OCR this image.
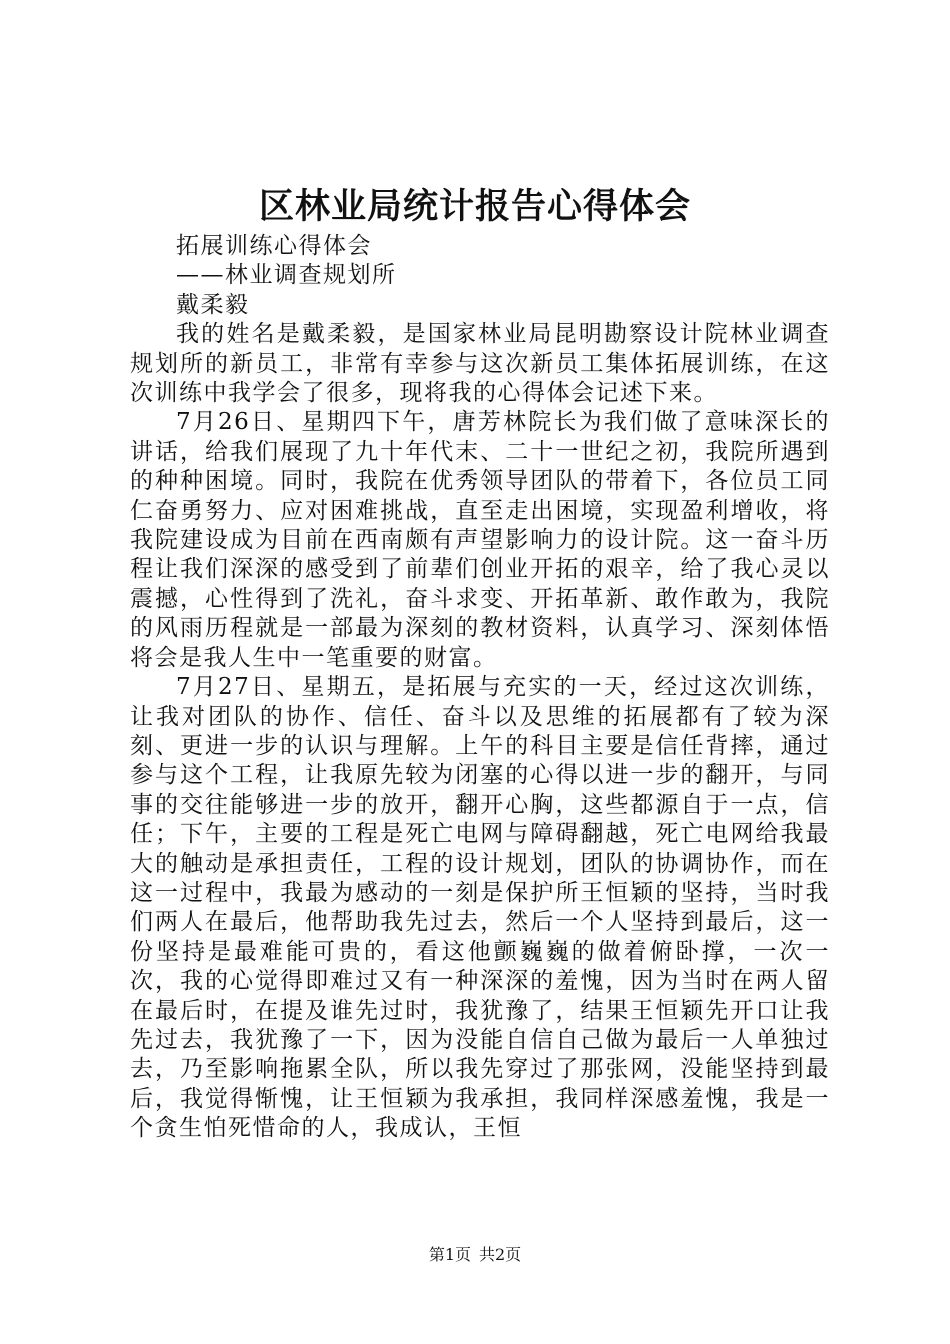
区林业局统计报告心得体会

拓展训练心得体会

——林业调查规划所

戴柔毅

我的姓名是戴柔毅，是国家林业局昆明勘察设计院林业调查规划所的新员工，非常有幸参与这次新员工集体拓展训练，在这次训练中我学会了很多，现将我的心得体会记述下来。

7月26日、星期四下午，唐芳林院长为我们做了意味深长的讲话，给我们展现了九十年代末、二十一世纪之初，我院所遇到的种种困境。同时，我院在优秀领导团队的带着下，各位员工同仁奋勇努力、应对困难挑战，直至走出困境，实现盈利增收，将我院建设成为目前在西南颇有声望影响力的设计院。这一奋斗历程让我们深深的感受到了前辈们创业开拓的艰辛，给了我心灵以震撼，心性得到了洗礼，奋斗求变、开拓革新、敢作敢为，我院的风雨历程就是一部最为深刻的教材资料，认真学习、深刻体悟将会是我人生中一笔重要的财富。

7月27日、星期五，是拓展与充实的一天，经过这次训练，让我对团队的协作、信任、奋斗以及思维的拓展都有了较为深刻、更进一步的认识与理解。上午的科目主要是信任背摔，通过参与这个工程，让我原先较为闭塞的心得以进一步的翻开，与同事的交往能够进一步的放开，翻开心胸，这些都源自于一点，信任；下午，主要的工程是死亡电网与障碍翻越，死亡电网给我最大的触动是承担责任，工程的设计规划，团队的协调协作，而在这一过程中，我最为感动的一刻是保护所王恒颖的坚持，当时我们两人在最后，他帮助我先过去，然后一个人坚持到最后，这一份坚持是最难能可贵的，看这他颤巍巍的做着俯卧撑，一次一次，我的心觉得即难过又有一种深深的羞愧，因为当时在两人留在最后时，在提及谁先过时，我犹豫了，结果王恒颖先开口让我先过去，我犹豫了一下，因为没能自信自己做为最后一人单独过去，乃至影响拖累全队，所以我先穿过了那张网，没能坚持到最后，我觉得惭愧，让王恒颖为我承担，我同样深感羞愧，我是一个贪生怕死惜命的人，我成认，王恒

第1页 共2页
